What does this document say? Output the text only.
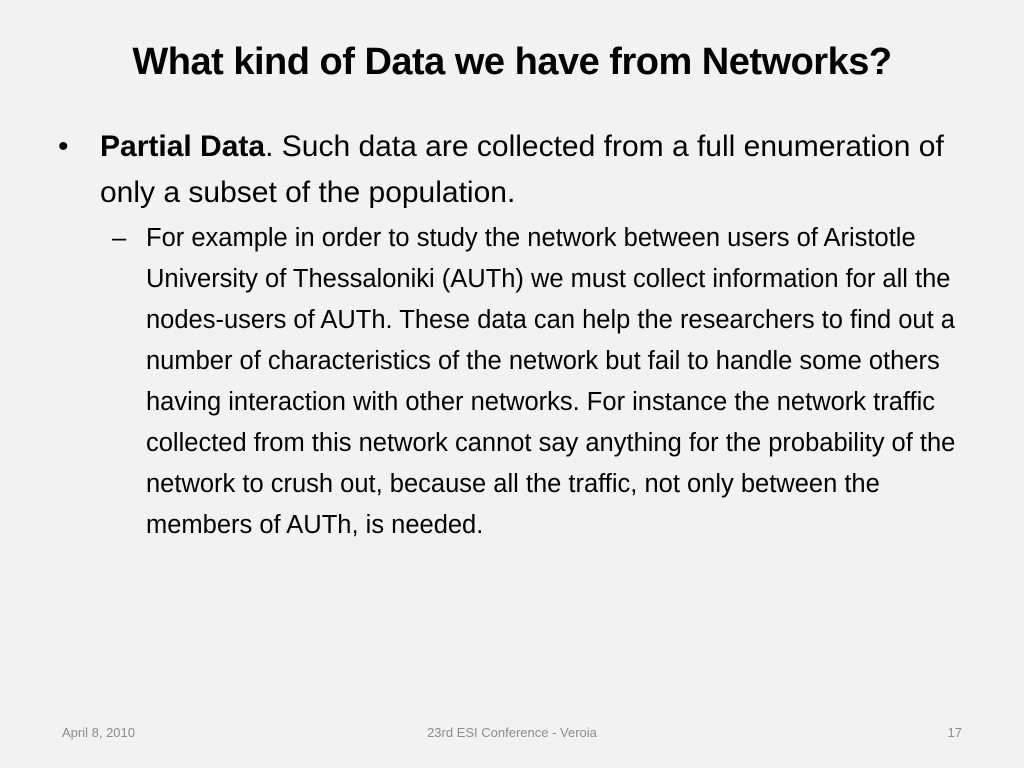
What kind of Data we have from Networks?
• Partial Data. Such data are collected from a full enumeration of only a subset of the population.
– For example in order to study the network between users of Aristotle University of Thessaloniki (AUTh) we must collect information for all the nodes-users of AUTh. These data can help the researchers to find out a number of characteristics of the network but fail to handle some others having interaction with other networks. For instance the network traffic collected from this network cannot say anything for the probability of the network to crush out, because all the traffic, not only between the members of AUTh, is needed.
April 8, 2010	23rd ESI Conference - Veroia	17
